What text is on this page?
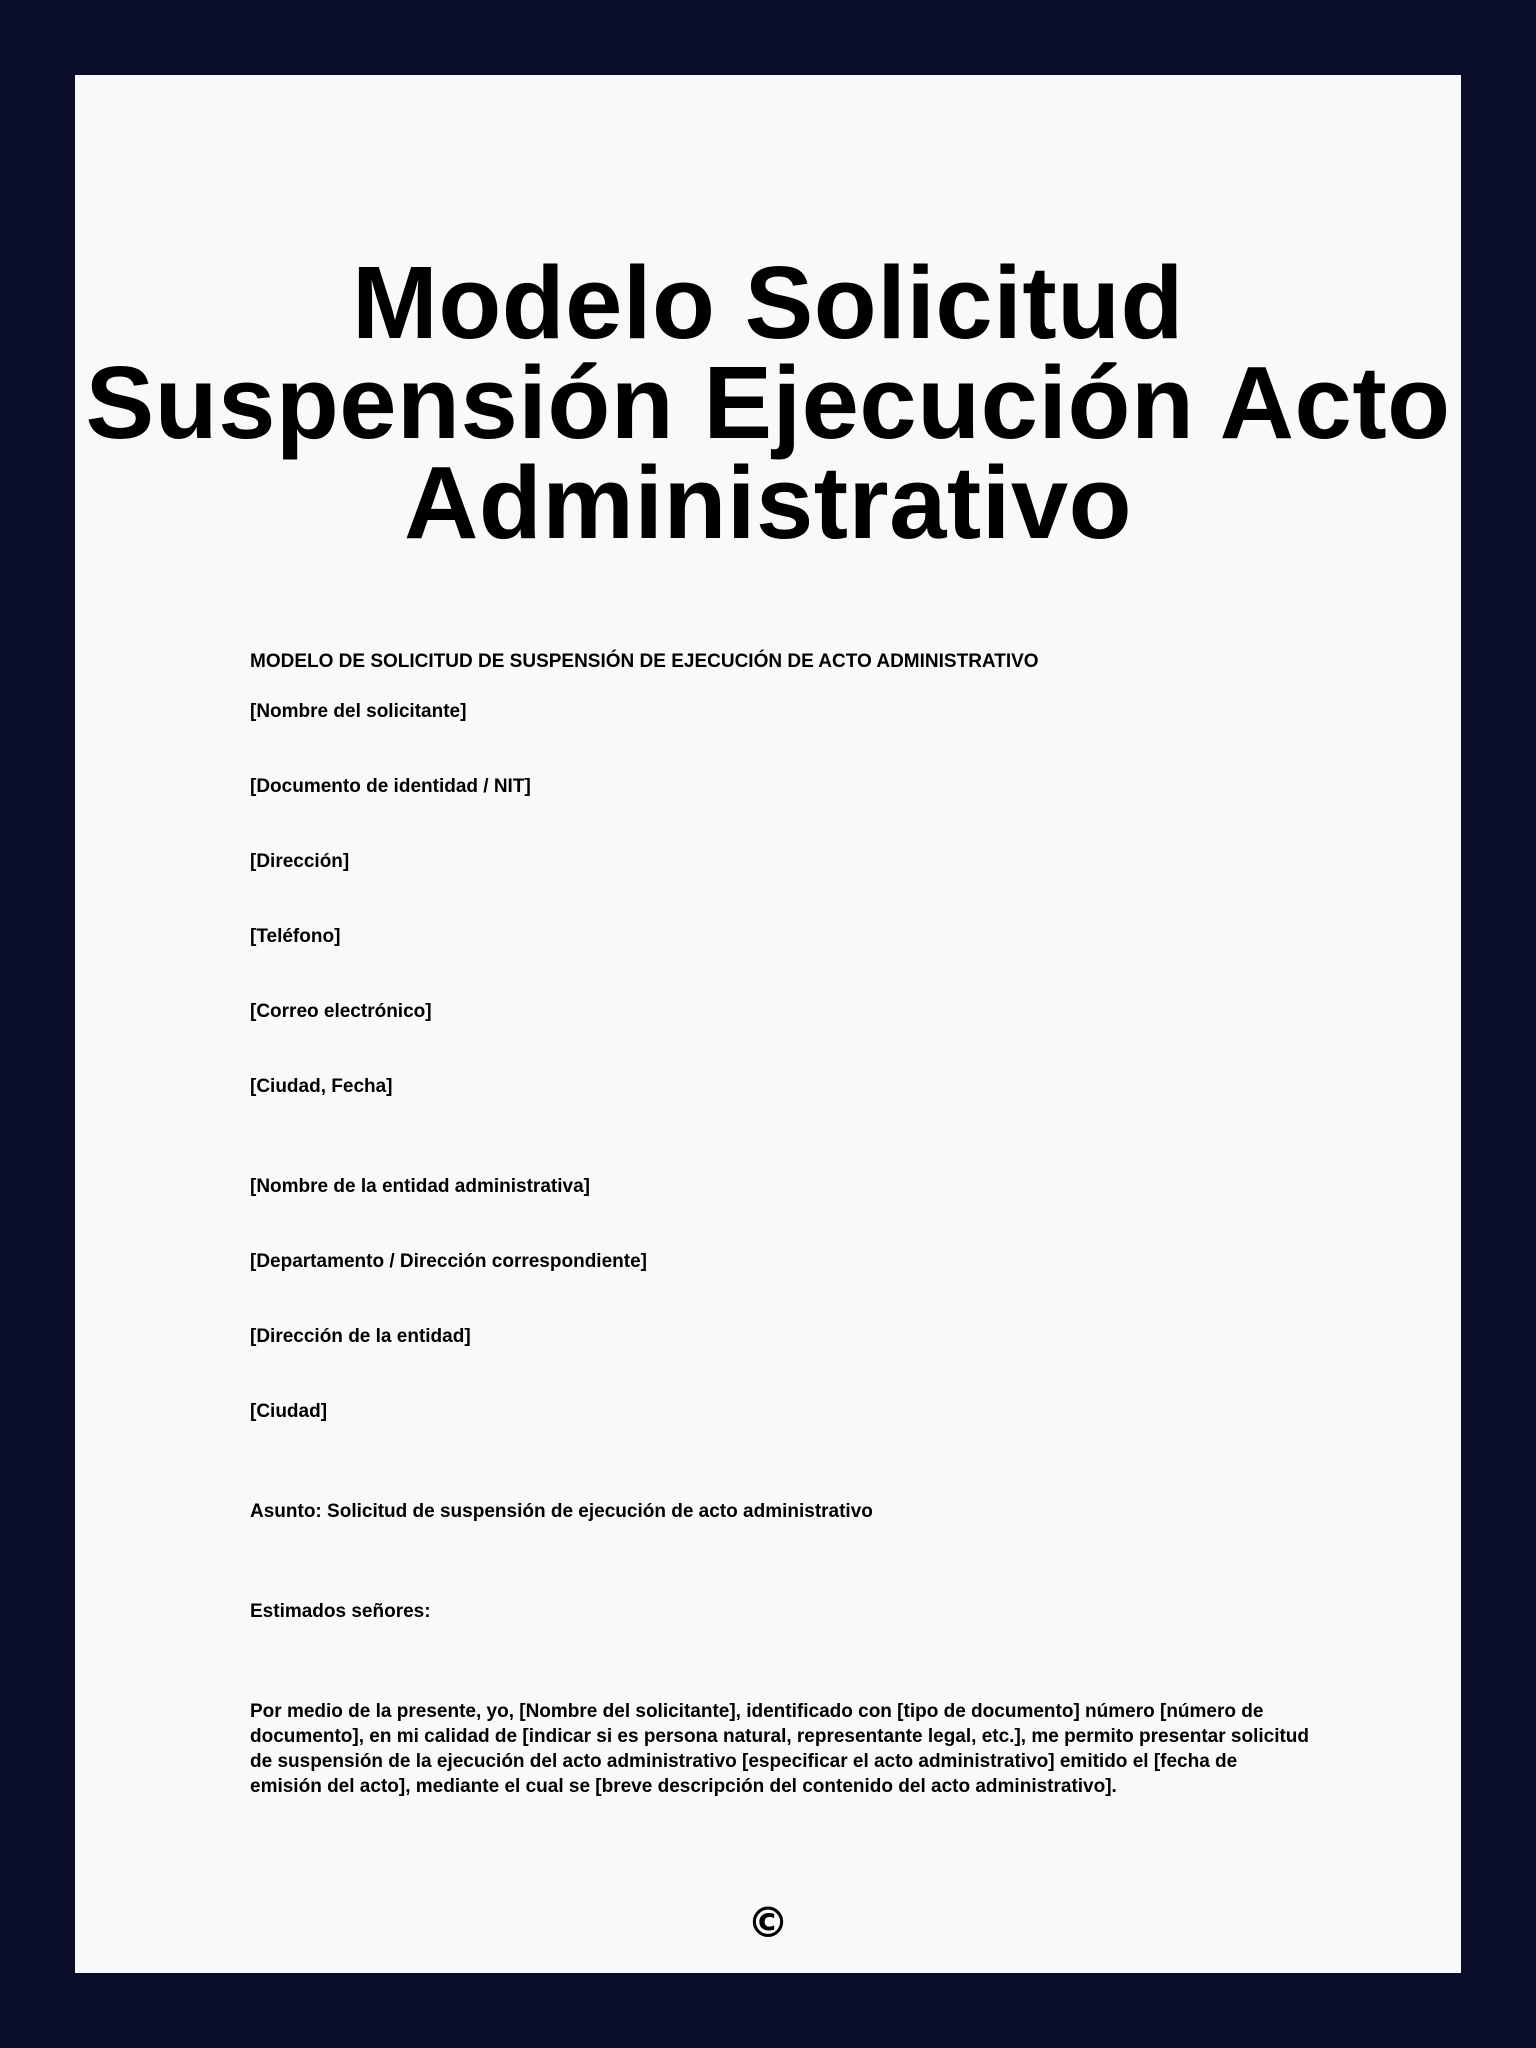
Modelo Solicitud Suspensión Ejecución Acto Administrativo

MODELO DE SOLICITUD DE SUSPENSIÓN DE EJECUCIÓN DE ACTO ADMINISTRATIVO

[Nombre del solicitante]

[Documento de identidad / NIT]

[Dirección]

[Teléfono]

[Correo electrónico]

[Ciudad, Fecha]

[Nombre de la entidad administrativa]

[Departamento / Dirección correspondiente]

[Dirección de la entidad]

[Ciudad]

Asunto: Solicitud de suspensión de ejecución de acto administrativo

Estimados señores:

Por medio de la presente, yo, [Nombre del solicitante], identificado con [tipo de documento] número [número de documento], en mi calidad de [indicar si es persona natural, representante legal, etc.], me permito presentar solicitud de suspensión de la ejecución del acto administrativo [especificar el acto administrativo] emitido el [fecha de emisión del acto], mediante el cual se [breve descripción del contenido del acto administrativo].

©
